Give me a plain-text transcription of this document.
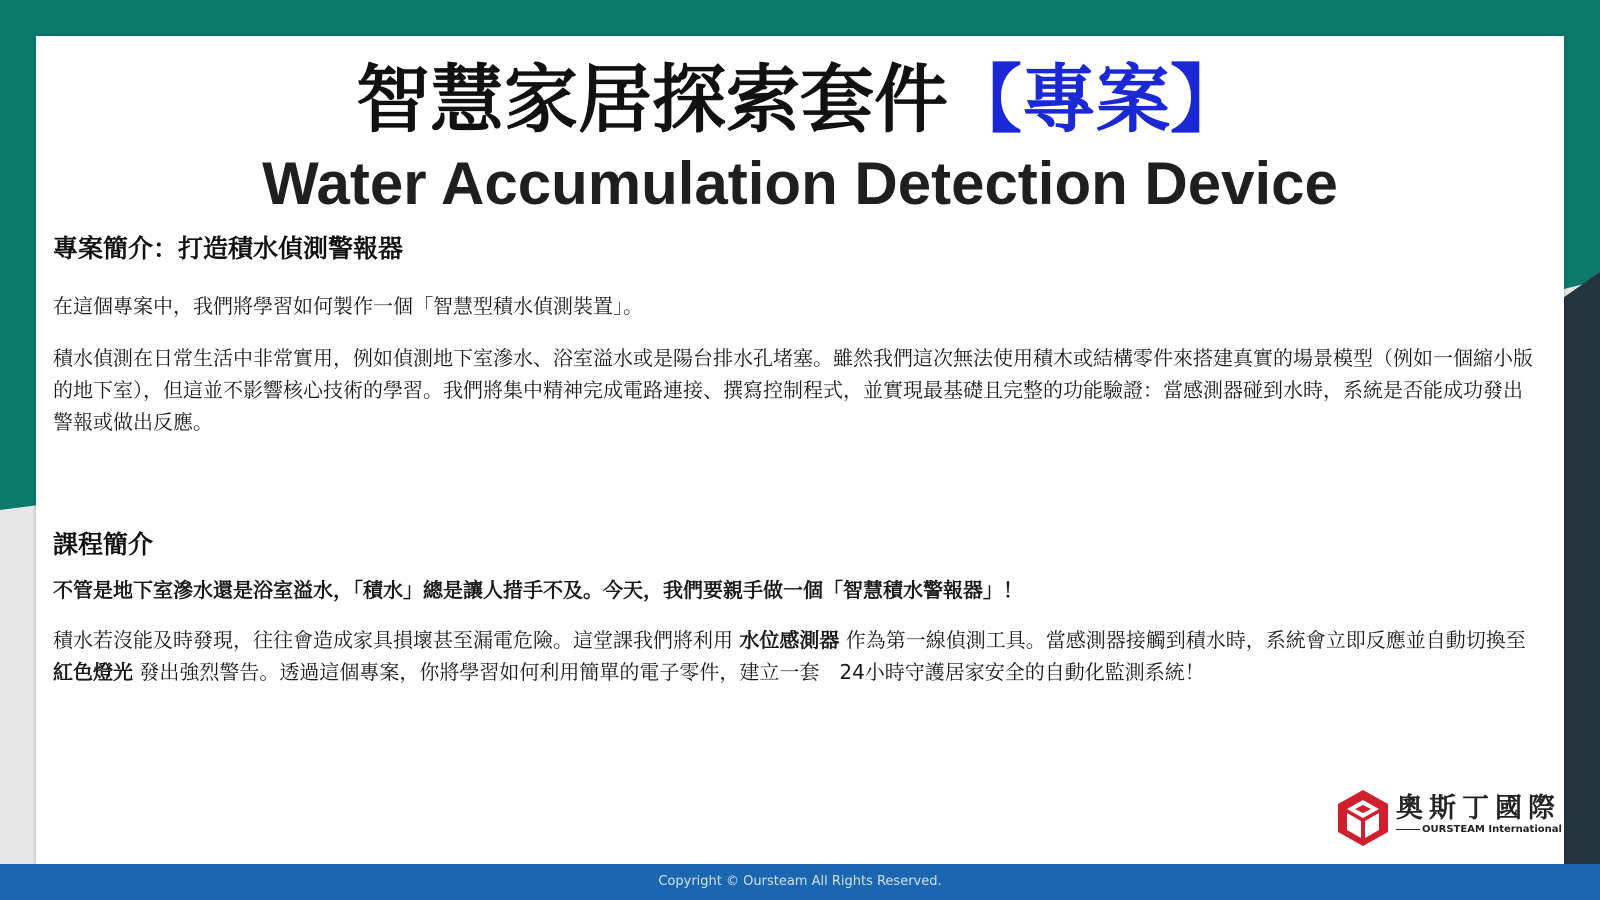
智慧家居探索套件【專案】
Water Accumulation Detection Device
專案簡介：打造積水偵測警報器

在這個專案中，我們將學習如何製作一個「智慧型積水偵測裝置」。

積水偵測在日常生活中非常實用，例如偵測地下室滲水、浴室溢水或是陽台排水孔堵塞。雖然我們這次無法使用積木或結構零件來搭建真實的場景模型（例如一個縮小版的地下室），但這並不影響核心技術的學習。我們將集中精神完成電路連接、撰寫控制程式，並實現最基礎且完整的功能驗證：當感測器碰到水時，系統是否能成功發出警報或做出反應。

課程簡介

不管是地下室滲水還是浴室溢水，「積水」總是讓人措手不及。今天，我們要親手做一個「智慧積水警報器」！

積水若沒能及時發現，往往會造成家具損壞甚至漏電危險。這堂課我們將利用 水位感測器 作為第一線偵測工具。當感測器接觸到積水時，系統會立即反應並自動切換至 紅色燈光 發出強烈警告。透過這個專案，你將學習如何利用簡單的電子零件，建立一套　24小時守護居家安全的自動化監測系統！

奧斯丁國際
OURSTEAM International
Copyright © Oursteam All Rights Reserved.
